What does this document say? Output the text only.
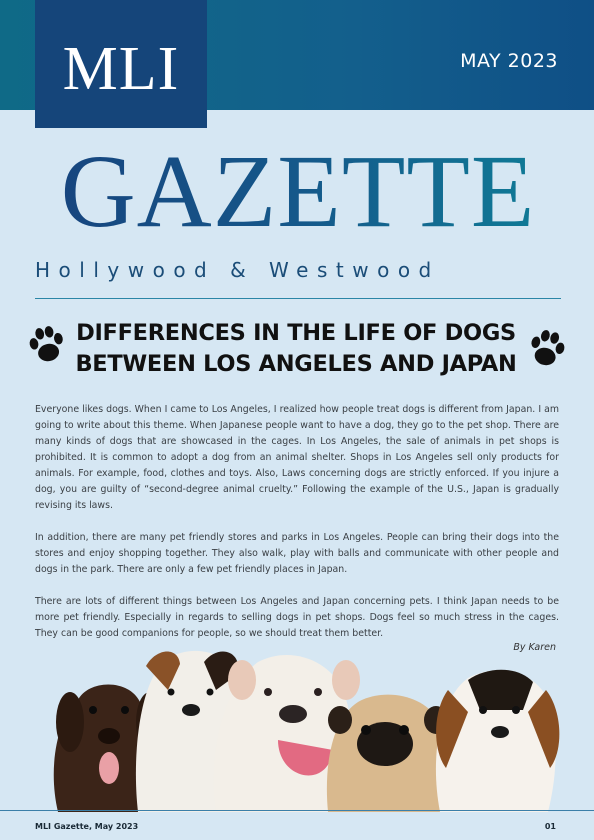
MLI	MAY 2023
GAZETTE
Hollywood & Westwood
DIFFERENCES IN THE LIFE OF DOGS
BETWEEN LOS ANGELES AND JAPAN

Everyone likes dogs. When I came to Los Angeles, I realized how people treat dogs is different from Japan. I am going to write about this theme. When Japanese people want to have a dog, they go to the pet shop. There are many kinds of dogs that are showcased in the cages. In Los Angeles, the sale of animals in pet shops is prohibited. It is common to adopt a dog from an animal shelter. Shops in Los Angeles sell only products for animals. For example, food, clothes and toys. Also, Laws concerning dogs are strictly enforced. If you injure a dog, you are guilty of “second-degree animal cruelty.” Following the example of the U.S., Japan is gradually revising its laws.

In addition, there are many pet friendly stores and parks in Los Angeles. People can bring their dogs into the stores and enjoy shopping together. They also walk, play with balls and communicate with other people and dogs in the park. There are only a few pet friendly places in Japan.

There are lots of different things between Los Angeles and Japan concerning pets. I think Japan needs to be more pet friendly. Especially in regards to selling dogs in pet shops. Dogs feel so much stress in the cages. They can be good companions for people, so we should treat them better.

By Karen
MLI Gazette, May 2023	01
